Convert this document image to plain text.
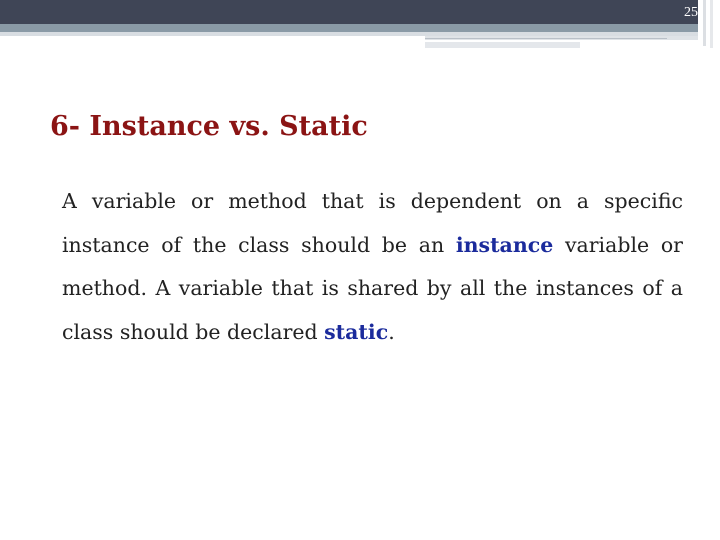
25
6- Instance vs. Static

A variable or method that is dependent on a specific instance of the class should be an instance variable or method. A variable that is shared by all the instances of a class should be declared static.
